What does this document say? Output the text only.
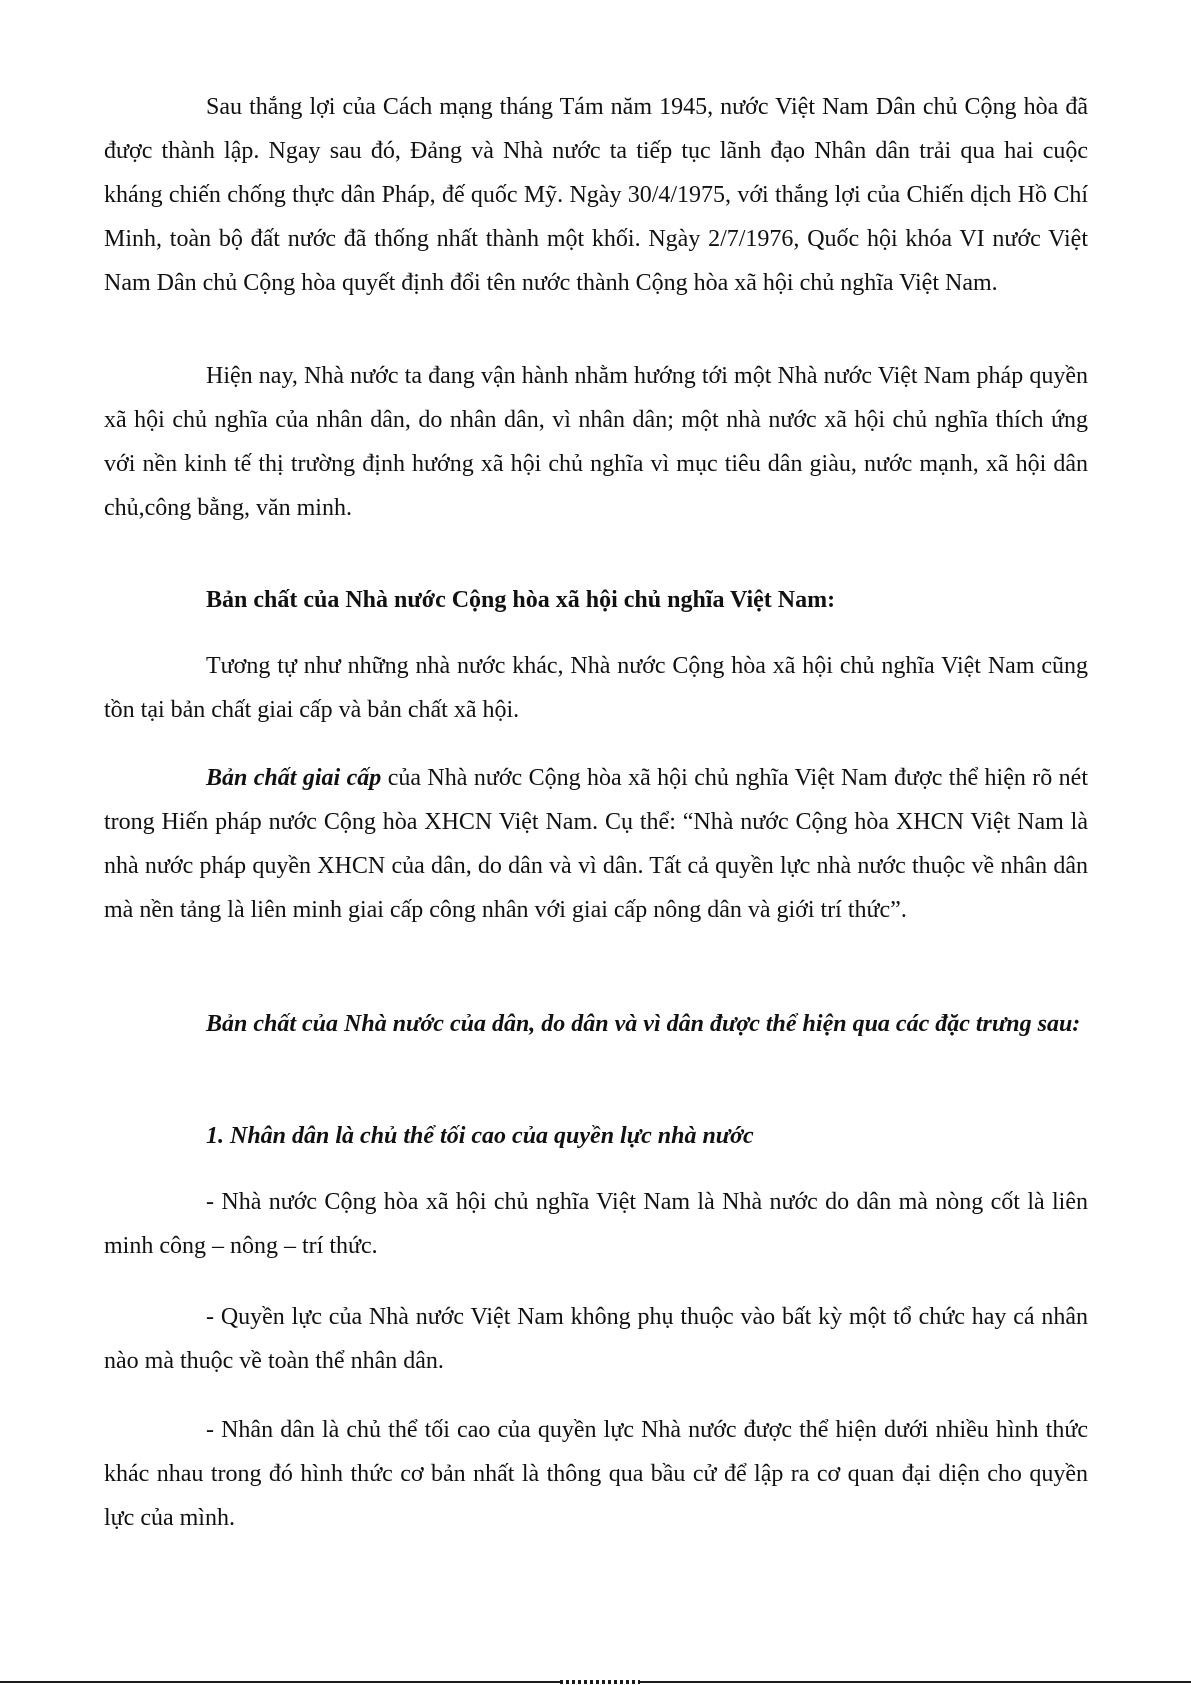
Sau thắng lợi của Cách mạng tháng Tám năm 1945, nước Việt Nam Dân chủ Cộng hòa đã được thành lập. Ngay sau đó, Đảng và Nhà nước ta tiếp tục lãnh đạo Nhân dân trải qua hai cuộc kháng chiến chống thực dân Pháp, đế quốc Mỹ. Ngày 30/4/1975, với thắng lợi của Chiến dịch Hồ Chí Minh, toàn bộ đất nước đã thống nhất thành một khối. Ngày 2/7/1976, Quốc hội khóa VI nước Việt Nam Dân chủ Cộng hòa quyết định đổi tên nước thành Cộng hòa xã hội chủ nghĩa Việt Nam.

Hiện nay, Nhà nước ta đang vận hành nhằm hướng tới một Nhà nước Việt Nam pháp quyền xã hội chủ nghĩa của nhân dân, do nhân dân, vì nhân dân; một nhà nước xã hội chủ nghĩa thích ứng với nền kinh tế thị trường định hướng xã hội chủ nghĩa vì mục tiêu dân giàu, nước mạnh, xã hội dân chủ,công bằng, văn minh.

Bản chất của Nhà nước Cộng hòa xã hội chủ nghĩa Việt Nam:

Tương tự như những nhà nước khác, Nhà nước Cộng hòa xã hội chủ nghĩa Việt Nam cũng tồn tại bản chất giai cấp và bản chất xã hội.

Bản chất giai cấp của Nhà nước Cộng hòa xã hội chủ nghĩa Việt Nam được thể hiện rõ nét trong Hiến pháp nước Cộng hòa XHCN Việt Nam. Cụ thể: “Nhà nước Cộng hòa XHCN Việt Nam là nhà nước pháp quyền XHCN của dân, do dân và vì dân. Tất cả quyền lực nhà nước thuộc về nhân dân mà nền tảng là liên minh giai cấp công nhân với giai cấp nông dân và giới trí thức”.

Bản chất của Nhà nước của dân, do dân và vì dân được thể hiện qua các đặc trưng sau:

1. Nhân dân là chủ thể tối cao của quyền lực nhà nước

- Nhà nước Cộng hòa xã hội chủ nghĩa Việt Nam là Nhà nước do dân mà nòng cốt là liên minh công – nông – trí thức.

- Quyền lực của Nhà nước Việt Nam không phụ thuộc vào bất kỳ một tổ chức hay cá nhân nào mà thuộc về toàn thể nhân dân.

- Nhân dân là chủ thể tối cao của quyền lực Nhà nước được thể hiện dưới nhiều hình thức khác nhau trong đó hình thức cơ bản nhất là thông qua bầu cử để lập ra cơ quan đại diện cho quyền lực của mình.
